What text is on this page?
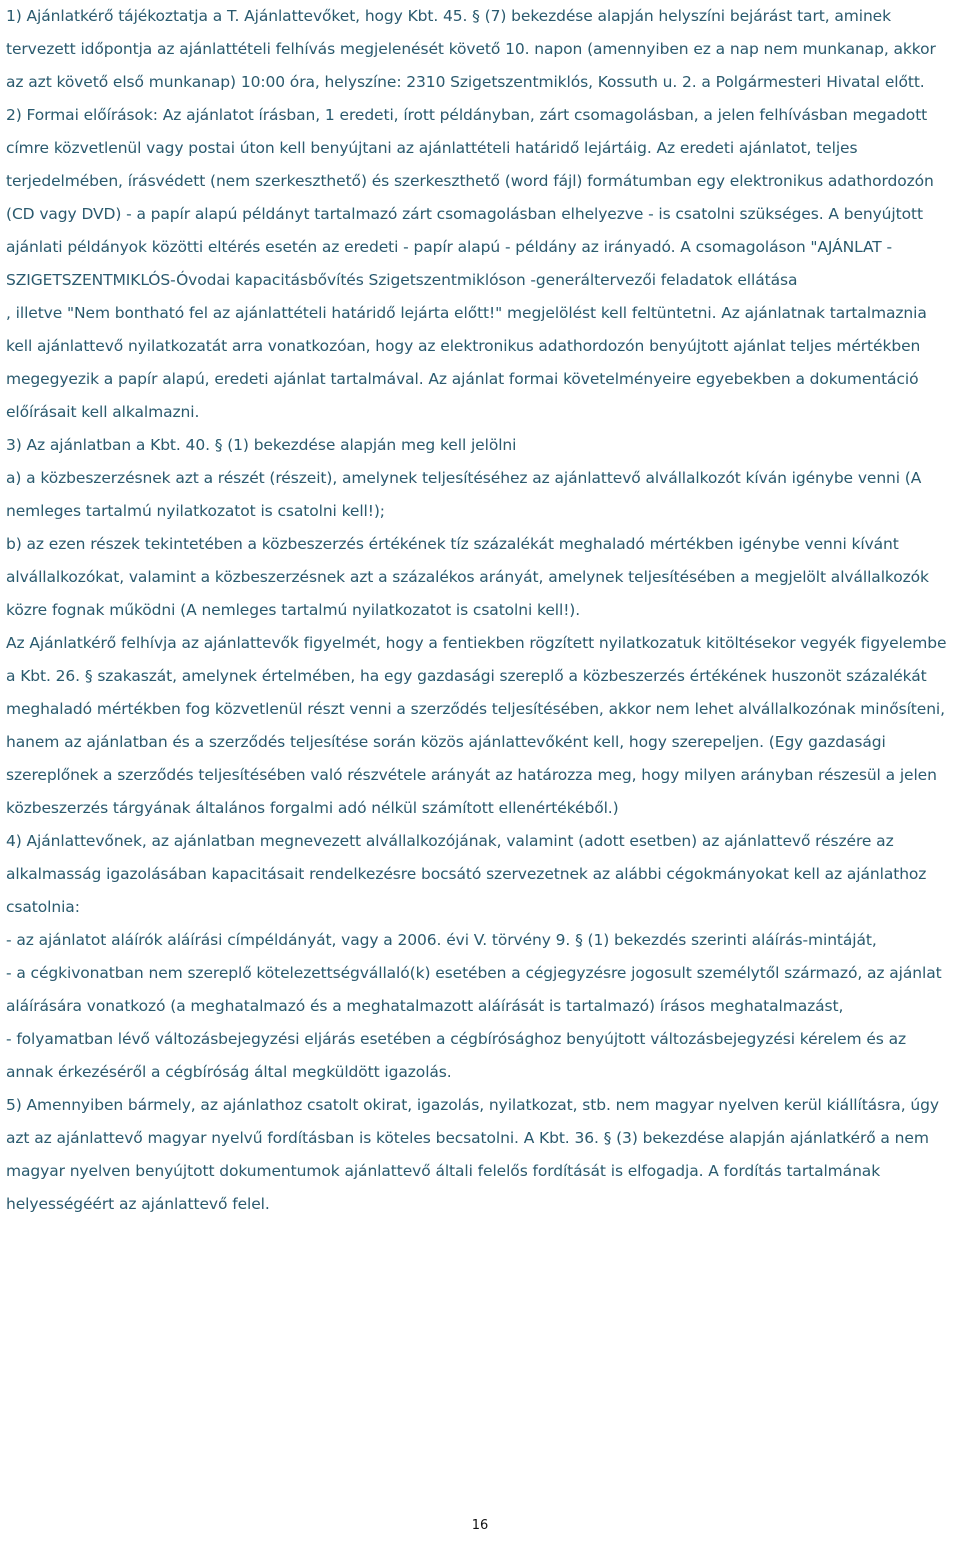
1) Ajánlatkérő tájékoztatja a T. Ajánlattevőket, hogy Kbt. 45. § (7) bekezdése alapján helyszíni bejárást tart, aminek tervezett időpontja az ajánlattételi felhívás megjelenését követő 10. napon (amennyiben ez a nap nem munkanap, akkor az azt követő első munkanap) 10:00 óra, helyszíne: 2310 Szigetszentmiklós, Kossuth u. 2. a Polgármesteri Hivatal előtt.

2) Formai előírások: Az ajánlatot írásban, 1 eredeti, írott példányban, zárt csomagolásban, a jelen felhívásban megadott címre közvetlenül vagy postai úton kell benyújtani az ajánlattételi határidő lejártáig. Az eredeti ajánlatot, teljes terjedelmében, írásvédett (nem szerkeszthető) és szerkeszthető (word fájl) formátumban egy elektronikus adathordozón (CD vagy DVD) - a papír alapú példányt tartalmazó zárt csomagolásban elhelyezve - is csatolni szükséges. A benyújtott ajánlati példányok közötti eltérés esetén az eredeti - papír alapú - példány az irányadó. A csomagoláson "AJÁNLAT -SZIGETSZENTMIKLÓS-Óvodai kapacitásbővítés Szigetszentmiklóson -generáltervezői feladatok ellátása

, illetve "Nem bontható fel az ajánlattételi határidő lejárta előtt!" megjelölést kell feltüntetni. Az ajánlatnak tartalmaznia kell ajánlattevő nyilatkozatát arra vonatkozóan, hogy az elektronikus adathordozón benyújtott ajánlat teljes mértékben megegyezik a papír alapú, eredeti ajánlat tartalmával. Az ajánlat formai követelményeire egyebekben a dokumentáció előírásait kell alkalmazni.

3) Az ajánlatban a Kbt. 40. § (1) bekezdése alapján meg kell jelölni

a) a közbeszerzésnek azt a részét (részeit), amelynek teljesítéséhez az ajánlattevő alvállalkozót kíván igénybe venni (A nemleges tartalmú nyilatkozatot is csatolni kell!);

b) az ezen részek tekintetében a közbeszerzés értékének tíz százalékát meghaladó mértékben igénybe venni kívánt alvállalkozókat, valamint a közbeszerzésnek azt a százalékos arányát, amelynek teljesítésében a megjelölt alvállalkozók közre fognak működni (A nemleges tartalmú nyilatkozatot is csatolni kell!).

Az Ajánlatkérő felhívja az ajánlattevők figyelmét, hogy a fentiekben rögzített nyilatkozatuk kitöltésekor vegyék figyelembe a Kbt. 26. § szakaszát, amelynek értelmében, ha egy gazdasági szereplő a közbeszerzés értékének huszonöt százalékát meghaladó mértékben fog közvetlenül részt venni a szerződés teljesítésében, akkor nem lehet alvállalkozónak minősíteni, hanem az ajánlatban és a szerződés teljesítése során közös ajánlattevőként kell, hogy szerepeljen. (Egy gazdasági szereplőnek a szerződés teljesítésében való részvétele arányát az határozza meg, hogy milyen arányban részesül a jelen közbeszerzés tárgyának általános forgalmi adó nélkül számított ellenértékéből.)

4) Ajánlattevőnek, az ajánlatban megnevezett alvállalkozójának, valamint (adott esetben) az ajánlattevő részére az alkalmasság igazolásában kapacitásait rendelkezésre bocsátó szervezetnek az alábbi cégokmányokat kell az ajánlathoz csatolnia:

- az ajánlatot aláírók aláírási címpéldányát, vagy a 2006. évi V. törvény 9. § (1) bekezdés szerinti aláírás-mintáját,

- a cégkivonatban nem szereplő kötelezettségvállaló(k) esetében a cégjegyzésre jogosult személytől származó, az ajánlat aláírására vonatkozó (a meghatalmazó és a meghatalmazott aláírását is tartalmazó) írásos meghatalmazást,

- folyamatban lévő változásbejegyzési eljárás esetében a cégbírósághoz benyújtott változásbejegyzési kérelem és az annak érkezéséről a cégbíróság által megküldött igazolás.

5) Amennyiben bármely, az ajánlathoz csatolt okirat, igazolás, nyilatkozat, stb. nem magyar nyelven kerül kiállításra, úgy azt az ajánlattevő magyar nyelvű fordításban is köteles becsatolni. A Kbt. 36. § (3) bekezdése alapján ajánlatkérő a nem magyar nyelven benyújtott dokumentumok ajánlattevő általi felelős fordítását is elfogadja. A fordítás tartalmának helyességéért az ajánlattevő felel.

16
